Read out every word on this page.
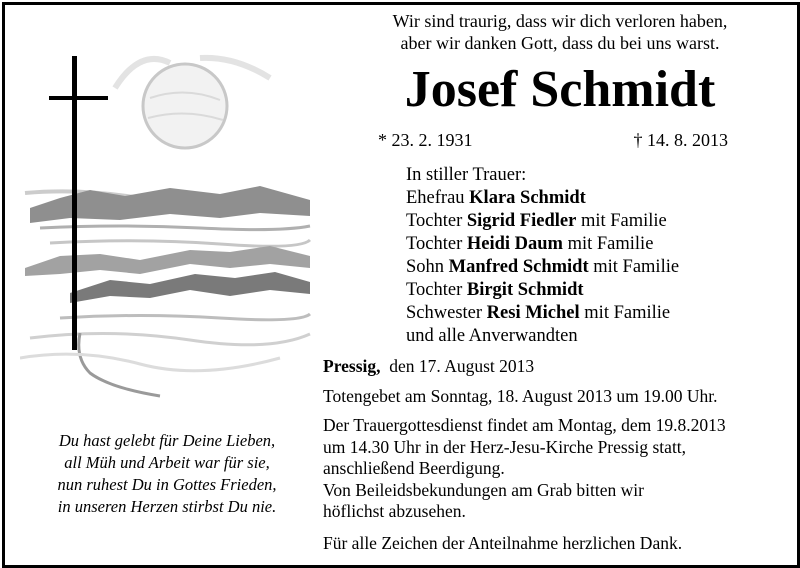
Wir sind traurig, dass wir dich verloren haben,
aber wir danken Gott, dass du bei uns warst.
Josef Schmidt
* 23. 2. 1931	† 14. 8. 2013
In stiller Trauer:
Ehefrau Klara Schmidt
Tochter Sigrid Fiedler mit Familie
Tochter Heidi Daum mit Familie
Sohn Manfred Schmidt mit Familie
Tochter Birgit Schmidt
Schwester Resi Michel mit Familie
und alle Anverwandten

Pressig, den 17. August 2013

Totengebet am Sonntag, 18. August 2013 um 19.00 Uhr.

Der Trauergottesdienst findet am Montag, dem 19.8.2013

um 14.30 Uhr in der Herz-Jesu-Kirche Pressig statt,

anschließend Beerdigung.

Von Beileidsbekundungen am Grab bitten wir

höflichst abzusehen.

Für alle Zeichen der Anteilnahme herzlichen Dank.

Du hast gelebt für Deine Lieben,
all Müh und Arbeit war für sie,
nun ruhest Du in Gottes Frieden,
in unseren Herzen stirbst Du nie.
